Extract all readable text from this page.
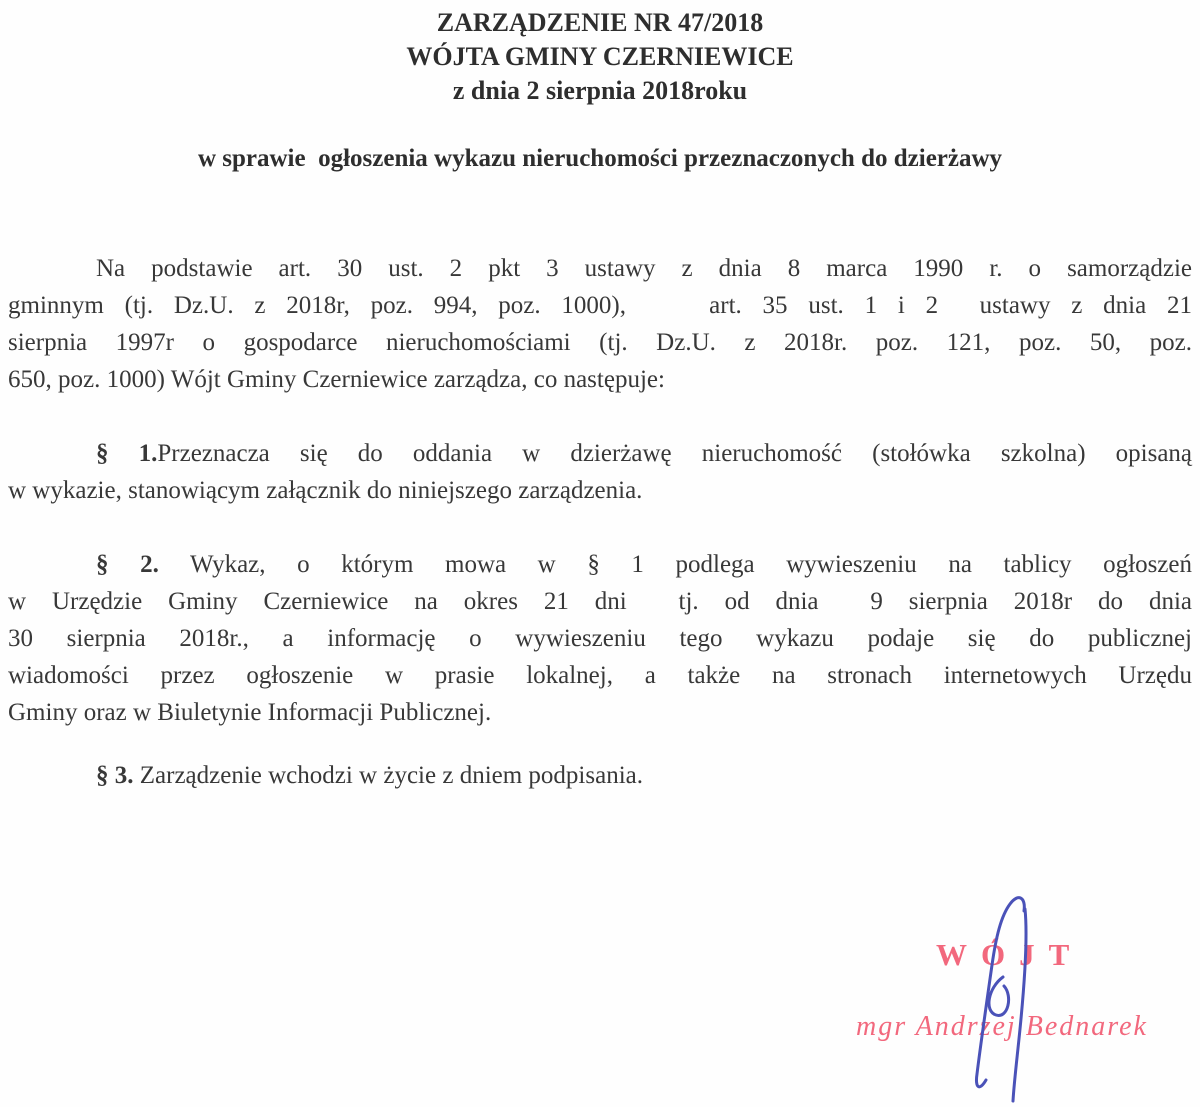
ZARZĄDZENIE NR 47/2018
WÓJTA GMINY CZERNIEWICE
z dnia 2 sierpnia 2018roku
w sprawie  ogłoszenia wykazu nieruchomości przeznaczonych do dzierżawy
Na podstawie art. 30 ust. 2 pkt 3 ustawy z dnia 8 marca 1990 r. o samorządzie
gminnym (tj. Dz.U. z 2018r, poz. 994, poz. 1000),    art. 35 ust. 1 i 2  ustawy z dnia 21
sierpnia 1997r o gospodarce nieruchomościami (tj. Dz.U. z 2018r. poz. 121, poz. 50, poz.
650, poz. 1000) Wójt Gminy Czerniewice zarządza, co następuje:
§ 1.Przeznacza się do oddania w dzierżawę nieruchomość (stołówka szkolna) opisaną
w wykazie, stanowiącym załącznik do niniejszego zarządzenia.
§ 2. Wykaz, o którym mowa w § 1 podlega wywieszeniu na tablicy ogłoszeń
w Urzędzie Gminy Czerniewice na okres 21 dni  tj. od dnia  9 sierpnia 2018r do dnia
30 sierpnia 2018r., a informację o wywieszeniu tego wykazu podaje się do publicznej
wiadomości przez ogłoszenie w prasie lokalnej, a także na stronach internetowych Urzędu
Gminy oraz w Biuletynie Informacji Publicznej.
§ 3. Zarządzenie wchodzi w życie z dniem podpisania.
WÓJT
mgr Andrzej Bednarek
